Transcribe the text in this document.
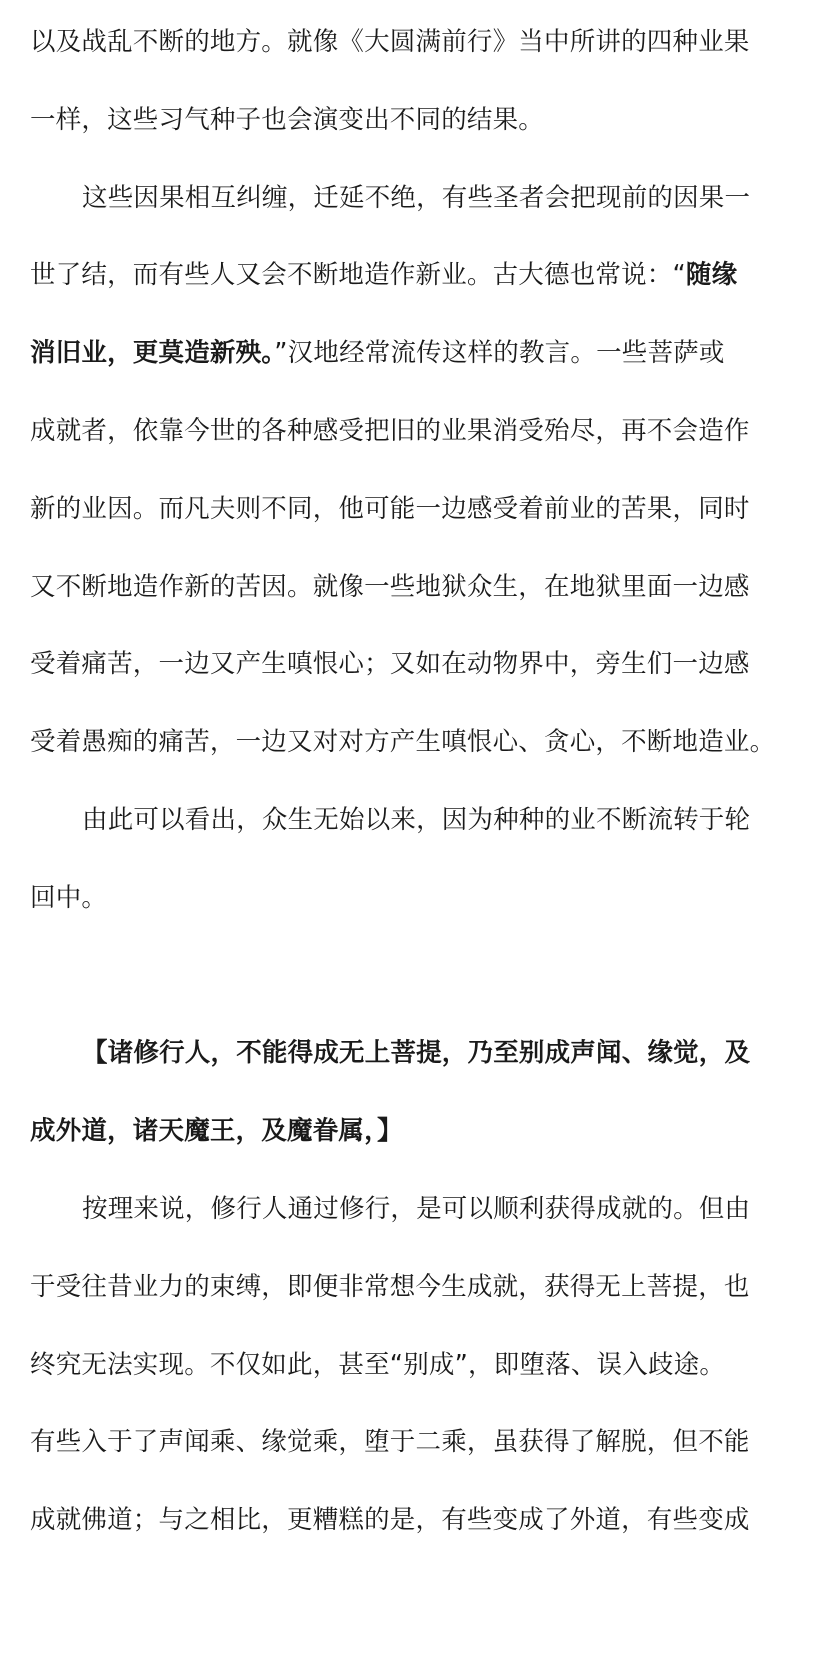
以及战乱不断的地方。就像《大圆满前行》当中所讲的四种业果
一样，这些习气种子也会演变出不同的结果。
这些因果相互纠缠，迁延不绝，有些圣者会把现前的因果一
世了结，而有些人又会不断地造作新业。古大德也常说：“随缘
消旧业，更莫造新殃。”汉地经常流传这样的教言。一些菩萨或
成就者，依靠今世的各种感受把旧的业果消受殆尽，再不会造作
新的业因。而凡夫则不同，他可能一边感受着前业的苦果，同时
又不断地造作新的苦因。就像一些地狱众生，在地狱里面一边感
受着痛苦，一边又产生嗔恨心；又如在动物界中，旁生们一边感
受着愚痴的痛苦，一边又对对方产生嗔恨心、贪心，不断地造业。
由此可以看出，众生无始以来，因为种种的业不断流转于轮
回中。
【诸修行人，不能得成无上菩提，乃至别成声闻、缘觉，及
成外道，诸天魔王，及魔眷属，】
按理来说，修行人通过修行，是可以顺利获得成就的。但由
于受往昔业力的束缚，即便非常想今生成就，获得无上菩提，也
终究无法实现。不仅如此，甚至“别成”，即堕落、误入歧途。
有些入于了声闻乘、缘觉乘，堕于二乘，虽获得了解脱，但不能
成就佛道；与之相比，更糟糕的是，有些变成了外道，有些变成
